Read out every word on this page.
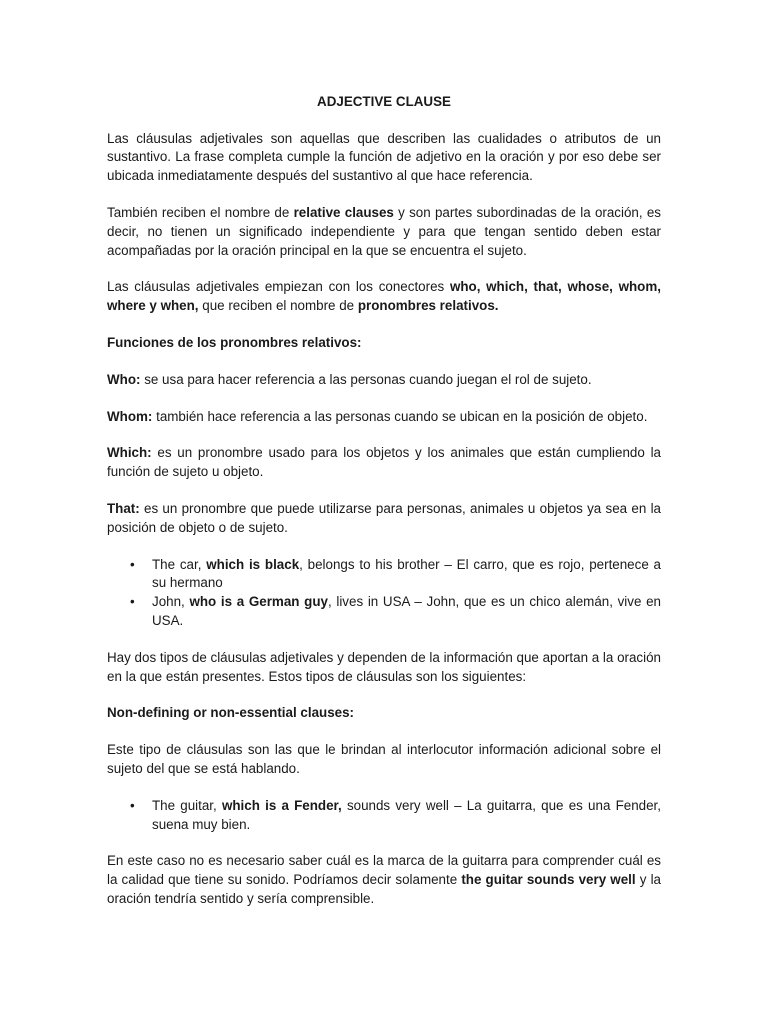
ADJECTIVE CLAUSE

Las cláusulas adjetivales son aquellas que describen las cualidades o atributos de un sustantivo. La frase completa cumple la función de adjetivo en la oración y por eso debe ser ubicada inmediatamente después del sustantivo al que hace referencia.

También reciben el nombre de relative clauses y son partes subordinadas de la oración, es decir, no tienen un significado independiente y para que tengan sentido deben estar acompañadas por la oración principal en la que se encuentra el sujeto.

Las cláusulas adjetivales empiezan con los conectores who, which, that, whose, whom, where y when, que reciben el nombre de pronombres relativos.

Funciones de los pronombres relativos:

Who: se usa para hacer referencia a las personas cuando juegan el rol de sujeto.

Whom: también hace referencia a las personas cuando se ubican en la posición de objeto.

Which: es un pronombre usado para los objetos y los animales que están cumpliendo la función de sujeto u objeto.

That: es un pronombre que puede utilizarse para personas, animales u objetos ya sea en la posición de objeto o de sujeto.

• The car, which is black, belongs to his brother – El carro, que es rojo, pertenece a su hermano
• John, who is a German guy, lives in USA – John, que es un chico alemán, vive en USA.

Hay dos tipos de cláusulas adjetivales y dependen de la información que aportan a la oración en la que están presentes. Estos tipos de cláusulas son los siguientes:

Non-defining or non-essential clauses:

Este tipo de cláusulas son las que le brindan al interlocutor información adicional sobre el sujeto del que se está hablando.

• The guitar, which is a Fender, sounds very well – La guitarra, que es una Fender, suena muy bien.

En este caso no es necesario saber cuál es la marca de la guitarra para comprender cuál es la calidad que tiene su sonido. Podríamos decir solamente the guitar sounds very well y la oración tendría sentido y sería comprensible.
